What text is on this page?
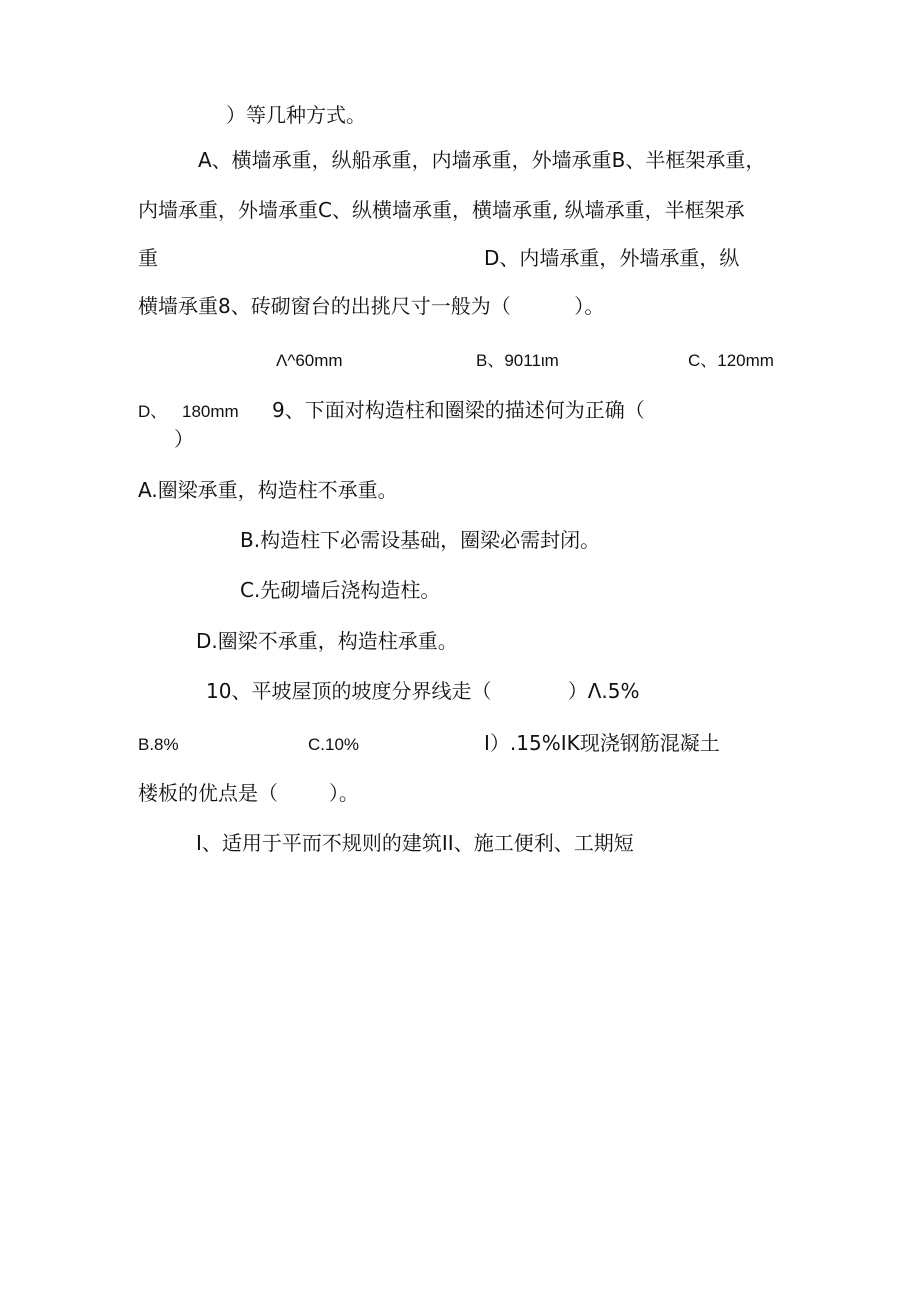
）等几种方式。
A、横墙承重，纵船承重，内墙承重，外墙承重B、半框架承重，
内墙承重，外墙承重C、纵横墙承重，横墙承重, 纵墙承重，半框架承
重	D、内墙承重，外墙承重，纵
横墙承重8、砖砌窗台的出挑尺寸一般为（          ）。
Λ^60mm	B、9011ιm	C、120mm
D、 180mm 9、下面对构造柱和圈梁的描述何为正确（
）
A.圈梁承重，构造柱不承重。
B.构造柱下必需设基础，圈梁必需封闭。
C.先砌墙后浇构造柱。
D.圈梁不承重，构造柱承重。
10、平坡屋顶的坡度分界线走（            ）Λ.5%
B.8%	C.10%	I）.15%IK现浇钢筋混凝土
楼板的优点是（        ）。
I、适用于平而不规则的建筑II、施工便利、工期短
